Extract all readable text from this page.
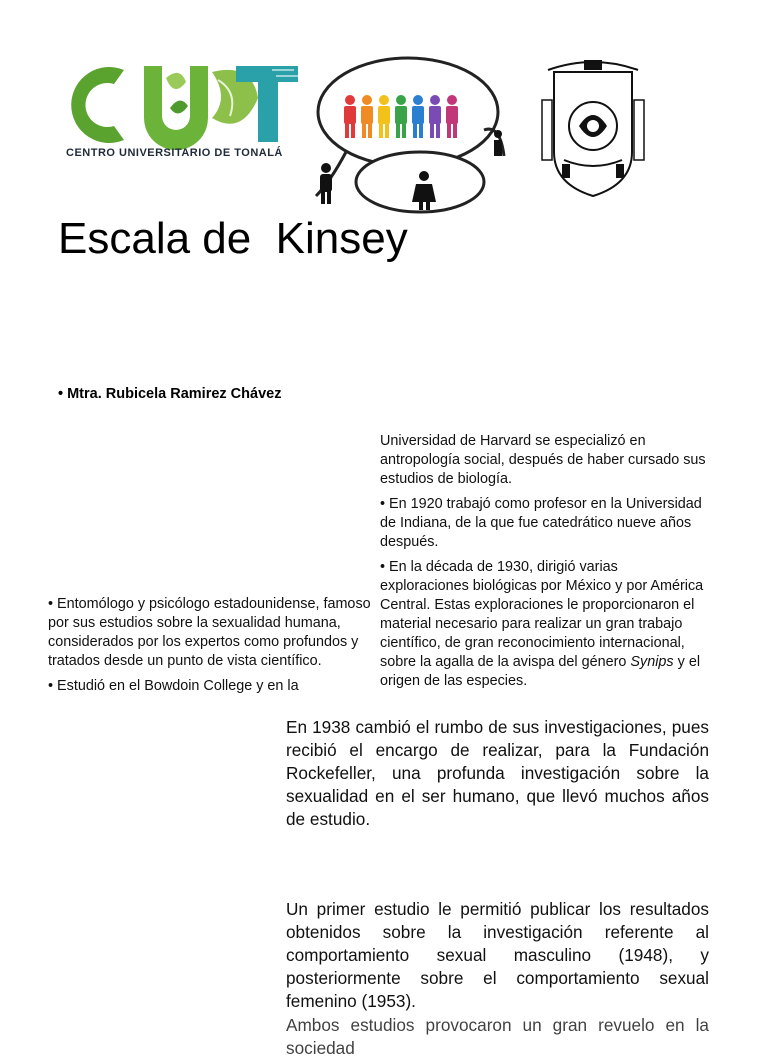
CENTRO UNIVERSITARIO DE TONALÁ
Escala de  Kinsey
• Mtra. Rubicela Ramirez Chávez

• Entomólogo y psicólogo estadounidense, famoso por sus estudios sobre la sexualidad humana, considerados por los expertos como profundos y tratados desde un punto de vista científico.

• Estudió en el Bowdoin College y en la

Universidad de Harvard se especializó en antropología social, después de haber cursado sus estudios de biología.

• En 1920 trabajó como profesor en la Universidad de Indiana, de la que fue catedrático nueve años después.

• En la década de 1930, dirigió varias exploraciones biológicas por México y por América Central. Estas exploraciones le proporcionaron el material necesario para realizar un gran trabajo científico, de gran reconocimiento internacional, sobre la agalla de la avispa del género Synips y el origen de las especies.

En 1938 cambió el rumbo de sus investigaciones, pues recibió el encargo de realizar, para la Fundación Rockefeller, una profunda investigación sobre la sexualidad en el ser humano, que llevó muchos años de estudio.
Un primer estudio le permitió publicar los resultados obtenidos sobre la investigación referente al comportamiento sexual masculino (1948), y posteriormente sobre el comportamiento sexual femenino (1953).
Ambos estudios provocaron un gran revuelo en la sociedad
